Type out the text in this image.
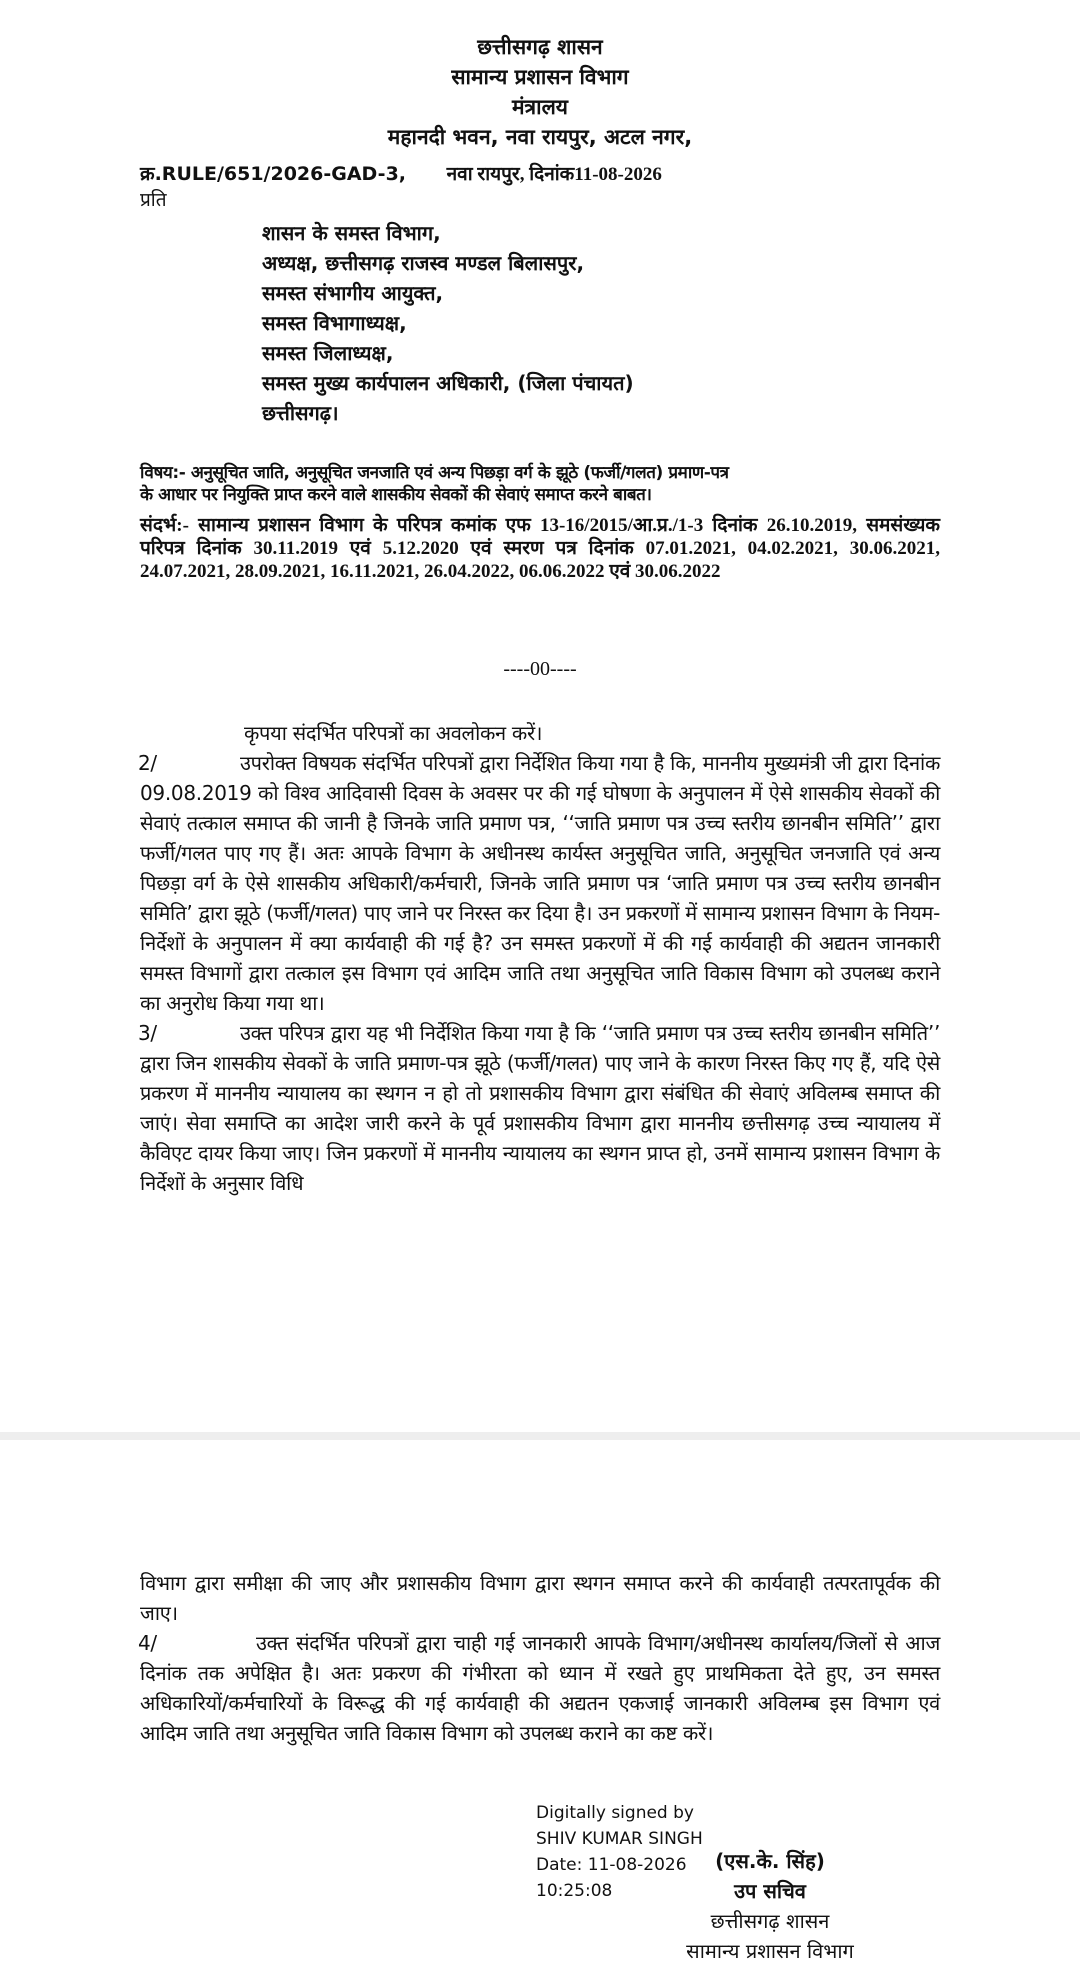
छत्तीसगढ़ शासन
सामान्य प्रशासन विभाग
मंत्रालय
महानदी भवन, नवा रायपुर, अटल नगर,
क्र.RULE/651/2026-GAD-3, नवा रायपुर, दिनांक11-08-2026
प्रति
शासन के समस्त विभाग,
अध्यक्ष, छत्तीसगढ़ राजस्व मण्डल बिलासपुर,
समस्त संभागीय आयुक्त,
समस्त विभागाध्यक्ष,
समस्त जिलाध्यक्ष,
समस्त मुख्य कार्यपालन अधिकारी, (जिला पंचायत)
छत्तीसगढ़।
विषय:- अनुसूचित जाति, अनुसूचित जनजाति एवं अन्य पिछड़ा वर्ग के झूठे (फर्जी/गलत) प्रमाण-पत्र
के आधार पर नियुक्ति प्राप्त करने वाले शासकीय सेवकों की सेवाएं समाप्त करने बाबत।
संदर्भ:- सामान्य प्रशासन विभाग के परिपत्र कमांक एफ 13-16/2015/आ.प्र./1-3 दिनांक 26.10.2019, समसंख्यक परिपत्र दिनांक 30.11.2019 एवं 5.12.2020 एवं स्मरण पत्र दिनांक 07.01.2021, 04.02.2021, 30.06.2021, 24.07.2021, 28.09.2021, 16.11.2021, 26.04.2022, 06.06.2022 एवं 30.06.2022
----00----
कृपया संदर्भित परिपत्रों का अवलोकन करें।
2/	उपरोक्त विषयक संदर्भित परिपत्रों द्वारा निर्देशित किया गया है कि, माननीय मुख्यमंत्री जी द्वारा दिनांक 09.08.2019 को विश्व आदिवासी दिवस के अवसर पर की गई घोषणा के अनुपालन में ऐसे शासकीय सेवकों की सेवाएं तत्काल समाप्त की जानी है जिनके जाति प्रमाण पत्र, ‘‘जाति प्रमाण पत्र उच्च स्तरीय छानबीन समिति’’ द्वारा फर्जी/गलत पाए गए हैं। अतः आपके विभाग के अधीनस्थ कार्यस्त अनुसूचित जाति, अनुसूचित जनजाति एवं अन्य पिछड़ा वर्ग के ऐसे शासकीय अधिकारी/कर्मचारी, जिनके जाति प्रमाण पत्र ‘जाति प्रमाण पत्र उच्च स्तरीय छानबीन समिति’ द्वारा झूठे (फर्जी/गलत) पाए जाने पर निरस्त कर दिया है। उन प्रकरणों में सामान्य प्रशासन विभाग के नियम-निर्देशों के अनुपालन में क्या कार्यवाही की गई है? उन समस्त प्रकरणों में की गई कार्यवाही की अद्यतन जानकारी समस्त विभागों द्वारा तत्काल इस विभाग एवं आदिम जाति तथा अनुसूचित जाति विकास विभाग को उपलब्ध कराने का अनुरोध किया गया था।
3/	उक्त परिपत्र द्वारा यह भी निर्देशित किया गया है कि ‘‘जाति प्रमाण पत्र उच्च स्तरीय छानबीन समिति’’ द्वारा जिन शासकीय सेवकों के जाति प्रमाण-पत्र झूठे (फर्जी/गलत) पाए जाने के कारण निरस्त किए गए हैं, यदि ऐसे प्रकरण में माननीय न्यायालय का स्थगन न हो तो प्रशासकीय विभाग द्वारा संबंधित की सेवाएं अविलम्ब समाप्त की जाएं। सेवा समाप्ति का आदेश जारी करने के पूर्व प्रशासकीय विभाग द्वारा माननीय छत्तीसगढ़ उच्च न्यायालय में कैविएट दायर किया जाए। जिन प्रकरणों में माननीय न्यायालय का स्थगन प्राप्त हो, उनमें सामान्य प्रशासन विभाग के निर्देशों के अनुसार विधि
विभाग द्वारा समीक्षा की जाए और प्रशासकीय विभाग द्वारा स्थगन समाप्त करने की कार्यवाही तत्परतापूर्वक की जाए।
4/	उक्त संदर्भित परिपत्रों द्वारा चाही गई जानकारी आपके विभाग/अधीनस्थ कार्यालय/जिलों से आज दिनांक तक अपेक्षित है। अतः प्रकरण की गंभीरता को ध्यान में रखते हुए प्राथमिकता देते हुए, उन समस्त अधिकारियों/कर्मचारियों के विरूद्ध की गई कार्यवाही की अद्यतन एकजाई जानकारी अविलम्ब इस विभाग एवं आदिम जाति तथा अनुसूचित जाति विकास विभाग को उपलब्ध कराने का कष्ट करें।
Digitally signed by
SHIV KUMAR SINGH
Date: 11-08-2026
10:25:08
(एस.के. सिंह)
उप सचिव
छत्तीसगढ़ शासन
सामान्य प्रशासन विभाग
